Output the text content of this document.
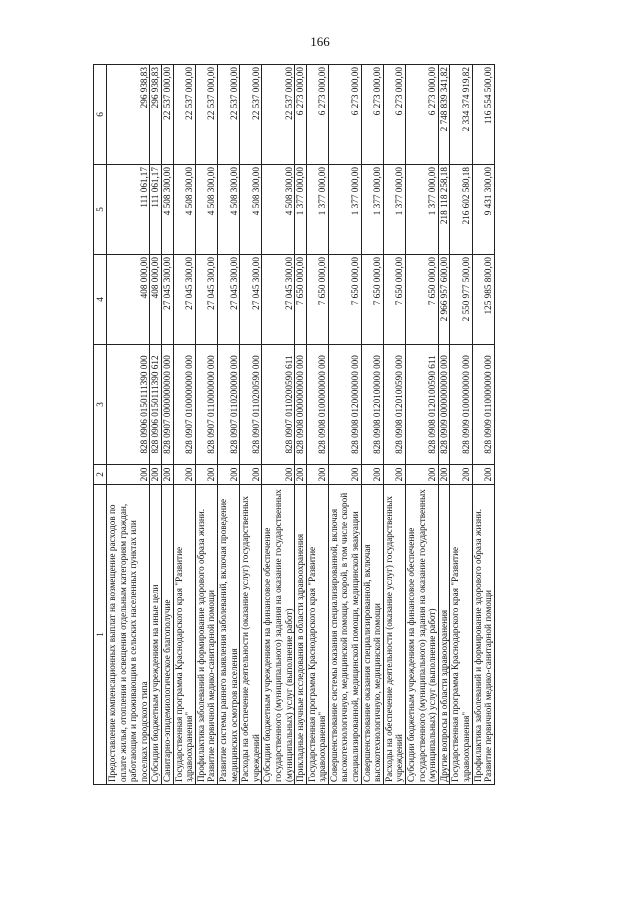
166
1	2	3	4	5	6
Предоставление компенсационных выплат на возмещение расходов по оплате жилья, отопления и освещения отдельным категориям граждан, работающим и проживающим в сельских населенных пунктах или поселках городского типа	200	828 0906 0150111390 000	408 000,00	111 061,17	296 938,83
Субсидии бюджетным учреждениям на иные цели	200	828 0906 0150111390 612	408 000,00	111 061,17	296 938,83
Санитарно-эпидемиологическое благополучие	200	828 0907 0000000000 000	27 045 300,00	4 508 300,00	22 537 000,00
Государственная программа Краснодарского края "Развитие здравоохранения"	200	828 0907 0100000000 000	27 045 300,00	4 508 300,00	22 537 000,00
Профилактика заболеваний и формирование здорового образа жизни. Развитие первичной медико-санитарной помощи	200	828 0907 0110000000 000	27 045 300,00	4 508 300,00	22 537 000,00
Развитие системы раннего выявления заболеваний, включая проведение медицинских осмотров населения	200	828 0907 0110200000 000	27 045 300,00	4 508 300,00	22 537 000,00
Расходы на обеспечение деятельности (оказание услуг) государственных учреждений	200	828 0907 0110200590 000	27 045 300,00	4 508 300,00	22 537 000,00
Субсидии бюджетным учреждениям на финансовое обеспечение государственного (муниципального) задания на оказание государственных (муниципальных) услуг (выполнение работ)	200	828 0907 0110200590 611	27 045 300,00	4 508 300,00	22 537 000,00
Прикладные научные исследования в области здравоохранения	200	828 0908 0000000000 000	7 650 000,00	1 377 000,00	6 273 000,00
Государственная программа Краснодарского края "Развитие здравоохранения"	200	828 0908 0100000000 000	7 650 000,00	1 377 000,00	6 273 000,00
Совершенствование системы оказания специализированной, включая высокотехнологичную, медицинской помощи, скорой, в том числе скорой специализированной, медицинской помощи, медицинской эвакуации	200	828 0908 0120000000 000	7 650 000,00	1 377 000,00	6 273 000,00
Совершенствование оказания специализированной, включая высокотехнологичную, медицинской помощи	200	828 0908 0120100000 000	7 650 000,00	1 377 000,00	6 273 000,00
Расходы на обеспечение деятельности (оказание услуг) государственных учреждений	200	828 0908 0120100590 000	7 650 000,00	1 377 000,00	6 273 000,00
Субсидии бюджетным учреждениям на финансовое обеспечение государственного (муниципального) задания на оказание государственных (муниципальных) услуг (выполнение работ)	200	828 0908 0120100590 611	7 650 000,00	1 377 000,00	6 273 000,00
Другие вопросы в области здравоохранения	200	828 0909 0000000000 000	2 966 957 600,00	218 118 258,18	2 748 839 341,82
Государственная программа Краснодарского края "Развитие здравоохранения"	200	828 0909 0100000000 000	2 550 977 500,00	216 602 580,18	2 334 374 919,82
Профилактика заболеваний и формирование здорового образа жизни. Развитие первичной медико-санитарной помощи	200	828 0909 0110000000 000	125 985 800,00	9 431 300,00	116 554 500,00
